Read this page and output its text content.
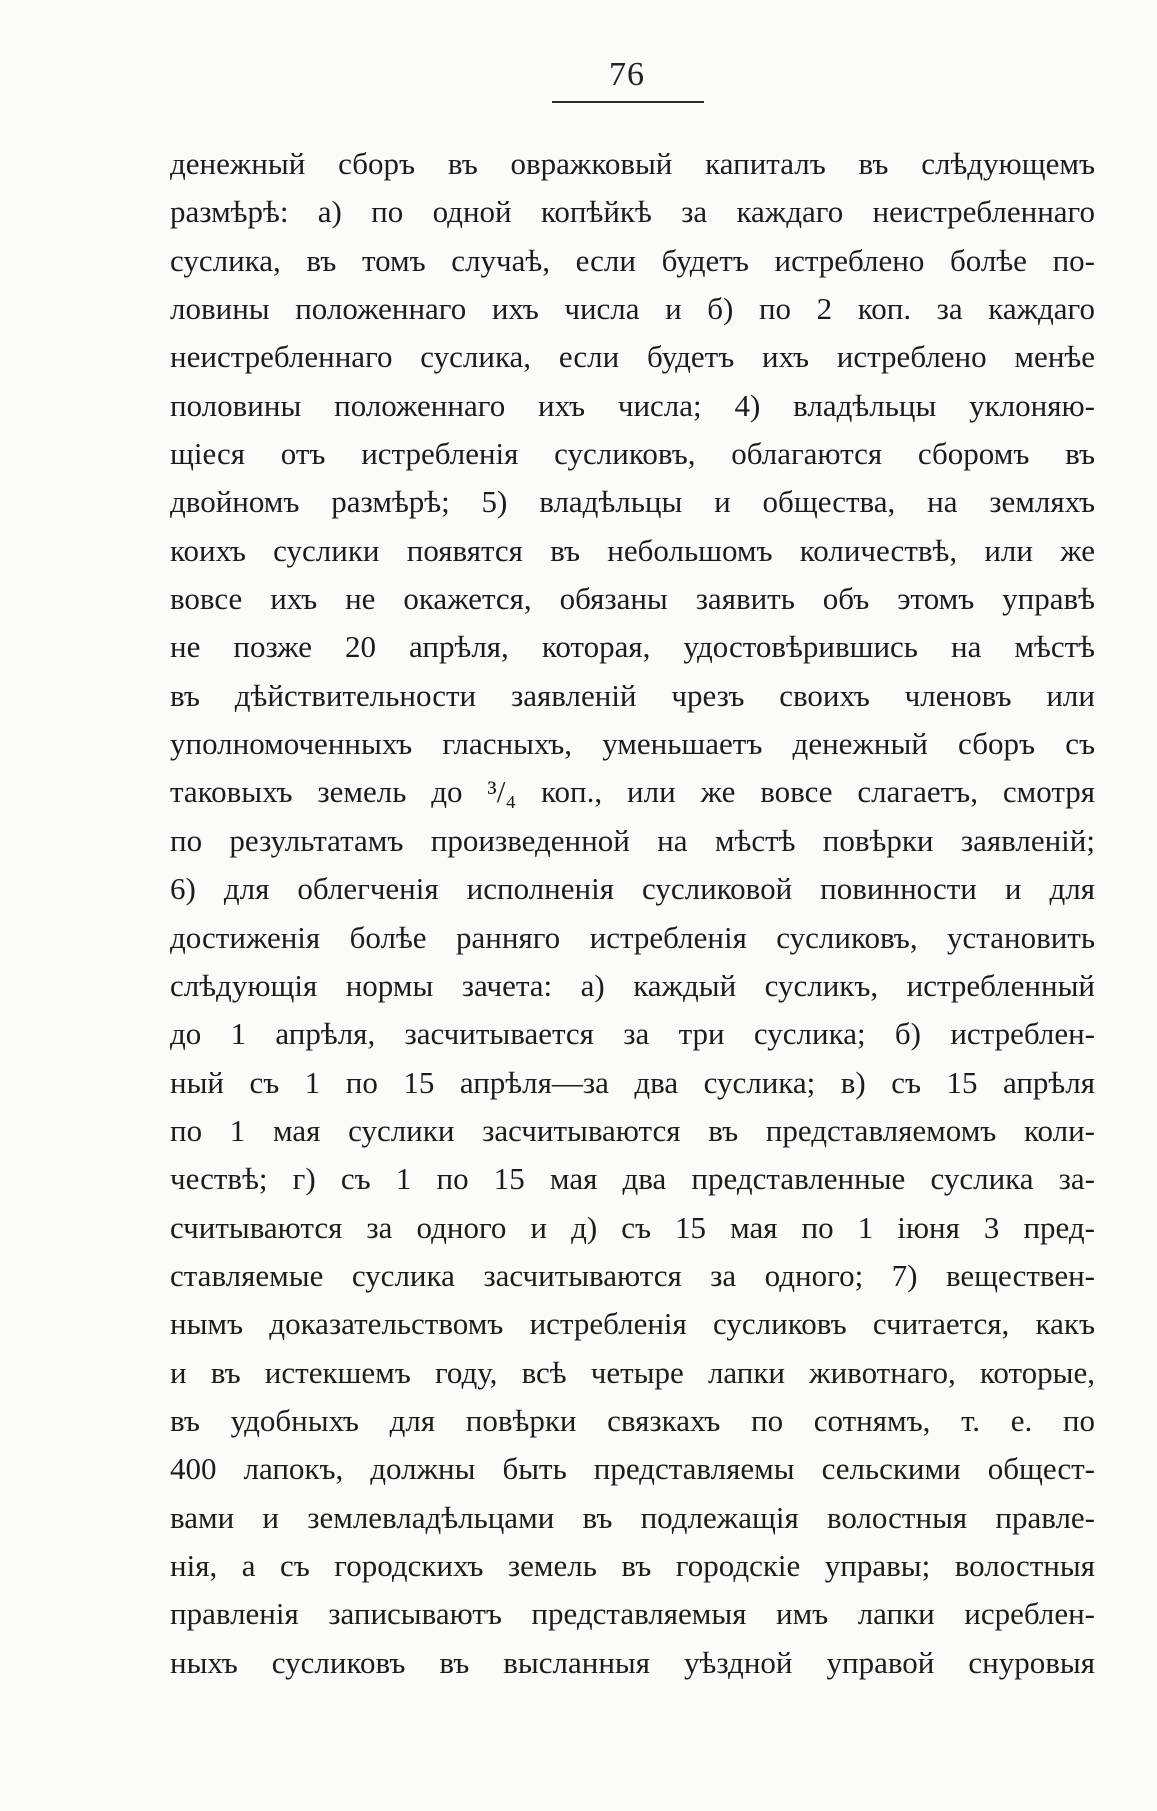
76
денежный сборъ въ овражковый капиталъ въ слѣдующемъ
размѣрѣ: а) по одной копѣйкѣ за каждаго неистребленнаго
суслика, въ томъ случаѣ, если будетъ истреблено болѣе по-
ловины положеннаго ихъ числа и б) по 2 коп. за каждаго
неистребленнаго суслика, если будетъ ихъ истреблено менѣе
половины положеннаго ихъ числа; 4) владѣльцы уклоняю-
щіеся отъ истребленія сусликовъ, облагаются сборомъ въ
двойномъ размѣрѣ; 5) владѣльцы и общества, на земляхъ
коихъ суслики появятся въ небольшомъ количествѣ, или же
вовсе ихъ не окажется, обязаны заявить объ этомъ управѣ
не позже 20 апрѣля, которая, удостовѣрившись на мѣстѣ
въ дѣйствительности заявленій чрезъ своихъ членовъ или
уполномоченныхъ гласныхъ, уменьшаетъ денежный сборъ съ
таковыхъ земель до ³/₄ коп., или же вовсе слагаетъ, смотря
по результатамъ произведенной на мѣстѣ повѣрки заявленій;
6) для облегченія исполненія сусликовой повинности и для
достиженія болѣе ранняго истребленія сусликовъ, установить
слѣдующія нормы зачета: а) каждый сусликъ, истребленный
до 1 апрѣля, засчитывается за три суслика; б) истреблен-
ный съ 1 по 15 апрѣля—за два суслика; в) съ 15 апрѣля
по 1 мая суслики засчитываются въ представляемомъ коли-
чествѣ; г) съ 1 по 15 мая два представленные суслика за-
считываются за одного и д) съ 15 мая по 1 іюня 3 пред-
ставляемые суслика засчитываются за одного; 7) веществен-
нымъ доказательствомъ истребленія сусликовъ считается, какъ
и въ истекшемъ году, всѣ четыре лапки животнаго, которые,
въ удобныхъ для повѣрки связкахъ по сотнямъ, т. е. по
400 лапокъ, должны быть представляемы сельскими общест-
вами и землевладѣльцами въ подлежащія волостныя правле-
нія, а съ городскихъ земель въ городскіе управы; волостныя
правленія записываютъ представляемыя имъ лапки исреблен-
ныхъ сусликовъ въ высланныя уѣздной управой снуровыя
